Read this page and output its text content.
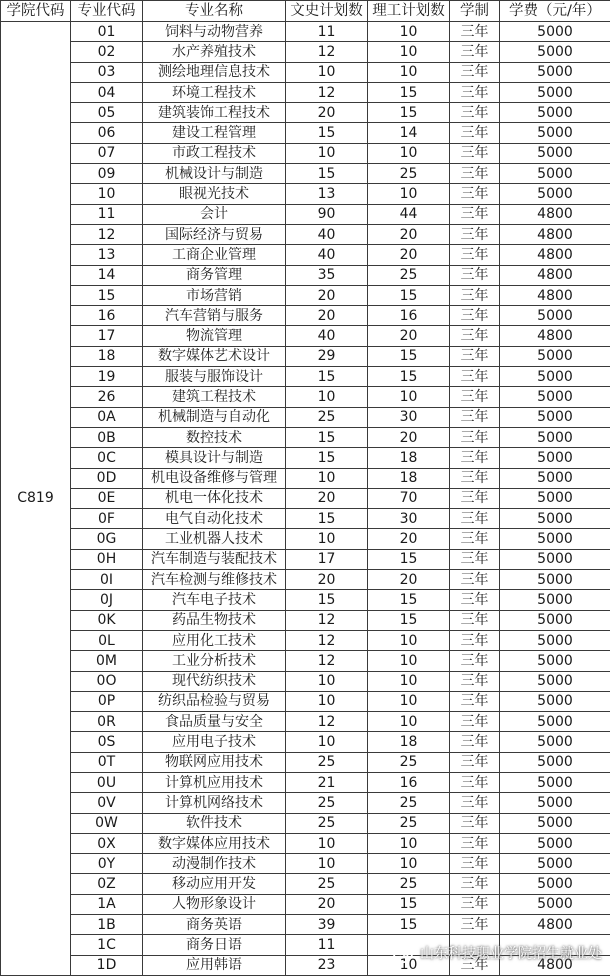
学院代码	专业代码	专业名称	文史计划数	理工计划数	学制	学费（元/年）
C819	01	饲料与动物营养	11	10	三年	5000
	02	水产养殖技术	12	10	三年	5000
	03	测绘地理信息技术	10	10	三年	5000
	04	环境工程技术	12	15	三年	5000
	05	建筑装饰工程技术	20	15	三年	5000
	06	建设工程管理	15	14	三年	5000
	07	市政工程技术	10	10	三年	5000
	09	机械设计与制造	15	25	三年	5000
	10	眼视光技术	13	10	三年	5000
	11	会计	90	44	三年	4800
	12	国际经济与贸易	40	20	三年	4800
	13	工商企业管理	40	20	三年	4800
	14	商务管理	35	25	三年	4800
	15	市场营销	20	15	三年	4800
	16	汽车营销与服务	20	16	三年	5000
	17	物流管理	40	20	三年	4800
	18	数字媒体艺术设计	29	15	三年	5000
	19	服装与服饰设计	15	15	三年	5000
	26	建筑工程技术	10	10	三年	5000
	0A	机械制造与自动化	25	30	三年	5000
	0B	数控技术	15	20	三年	5000
	0C	模具设计与制造	15	18	三年	5000
	0D	机电设备维修与管理	10	18	三年	5000
	0E	机电一体化技术	20	70	三年	5000
	0F	电气自动化技术	15	30	三年	5000
	0G	工业机器人技术	10	20	三年	5000
	0H	汽车制造与装配技术	17	15	三年	5000
	0I	汽车检测与维修技术	20	20	三年	5000
	0J	汽车电子技术	15	15	三年	5000
	0K	药品生物技术	12	15	三年	5000
	0L	应用化工技术	12	10	三年	5000
	0M	工业分析技术	12	10	三年	5000
	0O	现代纺织技术	10	10	三年	5000
	0P	纺织品检验与贸易	10	10	三年	5000
	0R	食品质量与安全	12	10	三年	5000
	0S	应用电子技术	10	18	三年	5000
	0T	物联网应用技术	25	25	三年	5000
	0U	计算机应用技术	21	16	三年	5000
	0V	计算机网络技术	25	25	三年	5000
	0W	软件技术	25	25	三年	5000
	0X	数字媒体应用技术	10	10	三年	5000
	0Y	动漫制作技术	10	10	三年	5000
	0Z	移动应用开发	25	25	三年	5000
	1A	人物形象设计	20	15	三年	5000
	1B	商务英语	39	15	三年	4800
	1C	商务日语	11			
	1D	应用韩语	23	10	三年	4800
山东科技职业学院招生就业处
